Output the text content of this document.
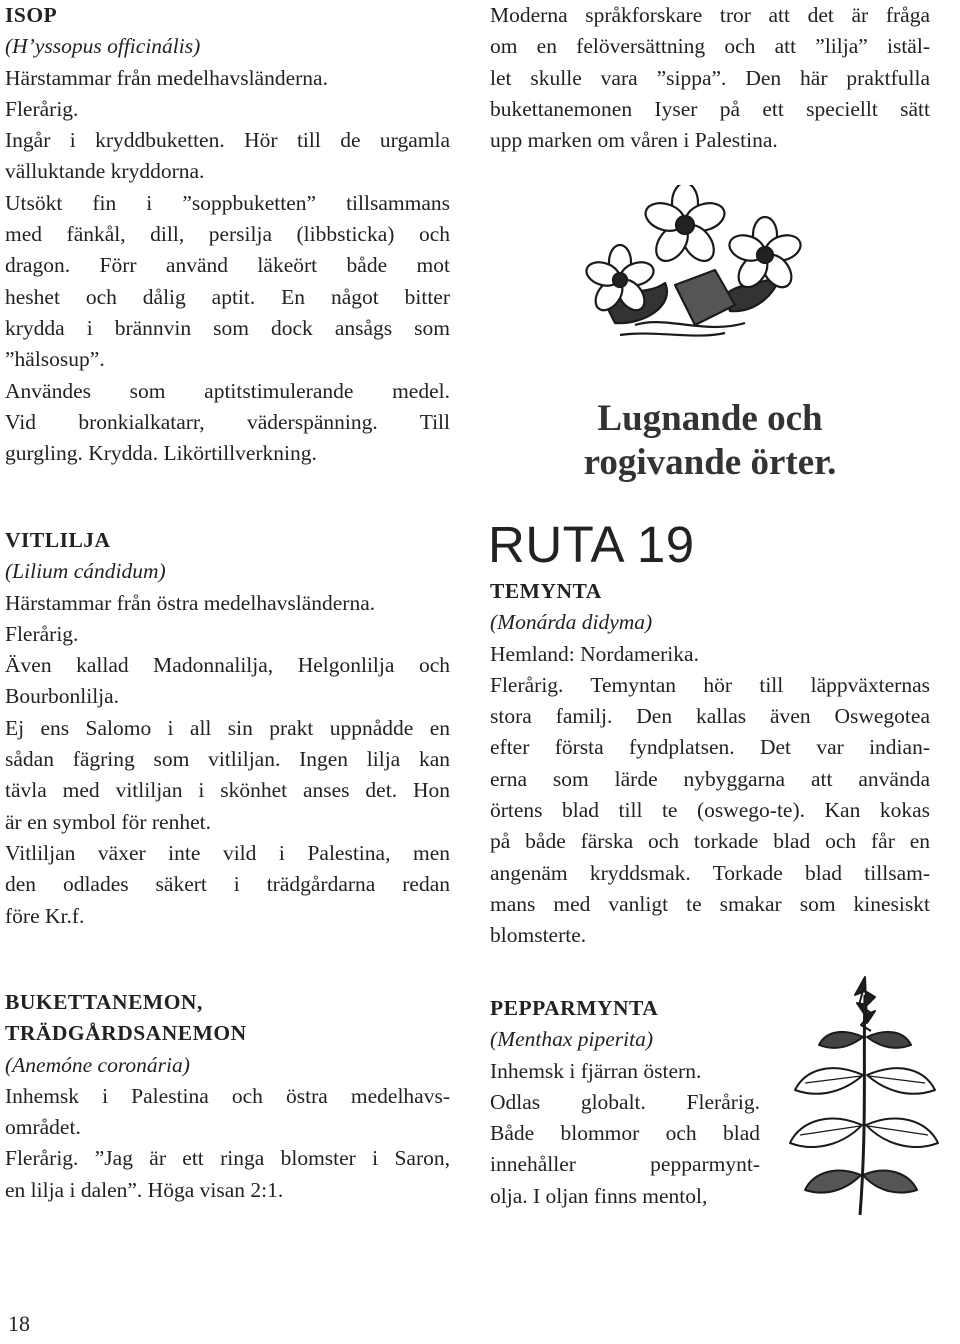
ISOP
(H’yssopus officinális)
Härstammar från medelhavsländerna.
Flerårig.
Ingår i kryddbuketten. Hör till de urgamla
välluktande kryddorna.
Utsökt fin i ”soppbuketten” tillsammans
med fänkål, dill, persilja (libbsticka) och
dragon. Förr använd läkeört både mot
heshet och dålig aptit. En något bitter
krydda i brännvin som dock ansågs som
”hälsosup”.
Användes som aptitstimulerande medel.
Vid bronkialkatarr, väderspänning. Till
gurgling. Krydda. Likörtillverkning.
VITLILJA
(Lilium cándidum)
Härstammar från östra medelhavsländerna.
Flerårig.
Även kallad Madonnalilja, Helgonlilja och
Bourbonlilja.
Ej ens Salomo i all sin prakt uppnådde en
sådan fägring som vitliljan. Ingen lilja kan
tävla med vitliljan i skönhet anses det. Hon
är en symbol för renhet.
Vitliljan växer inte vild i Palestina, men
den odlades säkert i trädgårdarna redan
före Kr.f.
BUKETTANEMON,
TRÄDGÅRDSANEMON
(Anemóne coronária)
Inhemsk i Palestina och östra medelhavs-
området.
Flerårig. ”Jag är ett ringa blomster i Saron,
en lilja i dalen”. Höga visan 2:1.
Moderna språkforskare tror att det är fråga
om en felöversättning och att ”lilja” istäl-
let skulle vara ”sippa”. Den här praktfulla
bukettanemonen Iyser på ett speciellt sätt
upp marken om våren i Palestina.
Lugnande och
rogivande örter.
RUTA 19
TEMYNTA
(Monárda didyma)
Hemland: Nordamerika.
Flerårig. Temyntan hör till läppväxternas
stora familj. Den kallas även Oswegotea
efter första fyndplatsen. Det var indian-
erna som lärde nybyggarna att använda
örtens blad till te (oswego-te). Kan kokas
på både färska och torkade blad och får en
angenäm kryddsmak. Torkade blad tillsam-
mans med vanligt te smakar som kinesiskt
blomsterte.
PEPPARMYNTA
(Menthax piperita)
Inhemsk i fjärran östern.
Odlas globalt. Flerårig.
Både blommor och blad
innehåller pepparmynt-
olja. I oljan finns mentol,
18
